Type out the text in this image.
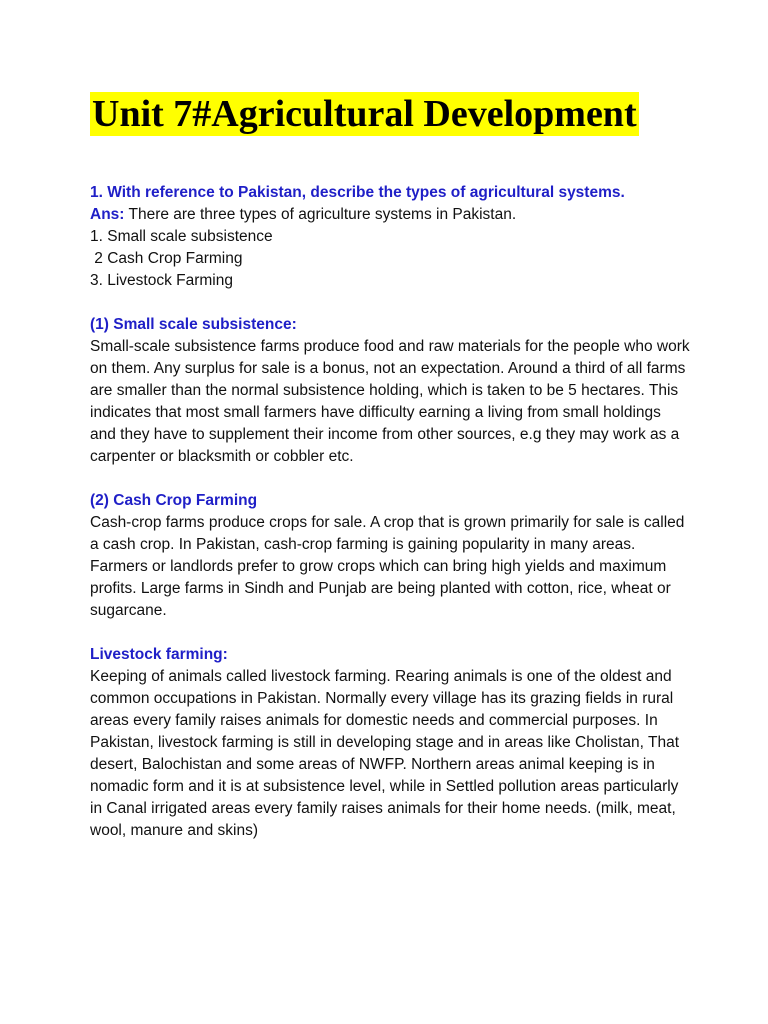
Unit 7#Agricultural Development

1. With reference to Pakistan, describe the types of agricultural systems.

Ans: There are three types of agriculture systems in Pakistan.

1. Small scale subsistence

2 Cash Crop Farming

3. Livestock Farming

(1) Small scale subsistence:

Small-scale subsistence farms produce food and raw materials for the people who work on them. Any surplus for sale is a bonus, not an expectation. Around a third of all farms are smaller than the normal subsistence holding, which is taken to be 5 hectares. This indicates that most small farmers have difficulty earning a living from small holdings and they have to supplement their income from other sources, e.g they may work as a carpenter or blacksmith or cobbler etc.

(2) Cash Crop Farming

Cash-crop farms produce crops for sale. A crop that is grown primarily for sale is called a cash crop. In Pakistan, cash-crop farming is gaining popularity in many areas. Farmers or landlords prefer to grow crops which can bring high yields and maximum profits. Large farms in Sindh and Punjab are being planted with cotton, rice, wheat or sugarcane.

Livestock farming:

Keeping of animals called livestock farming. Rearing animals is one of the oldest and common occupations in Pakistan. Normally every village has its grazing fields in rural areas every family raises animals for domestic needs and commercial purposes. In Pakistan, livestock farming is still in developing stage and in areas like Cholistan, That desert, Balochistan and some areas of NWFP. Northern areas animal keeping is in nomadic form and it is at subsistence level, while in Settled pollution areas particularly in Canal irrigated areas every family raises animals for their home needs. (milk, meat, wool, manure and skins)
